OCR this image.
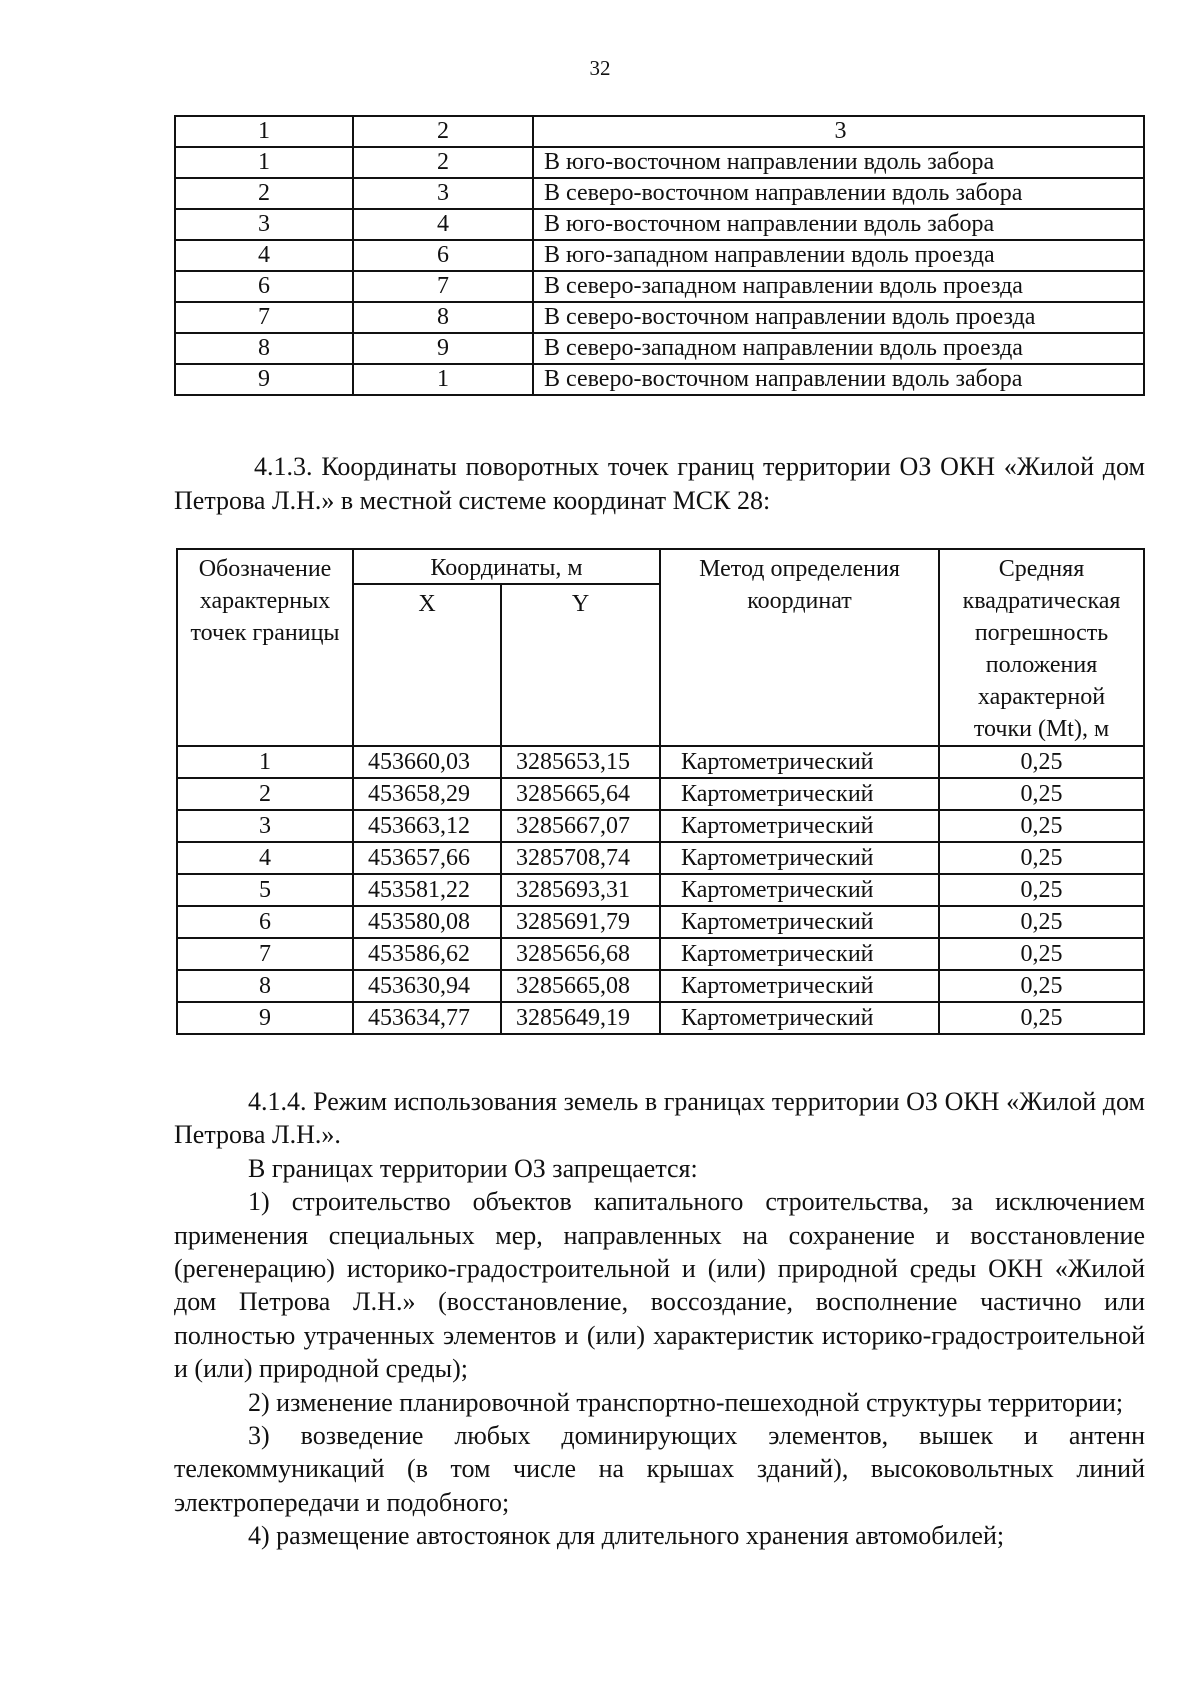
32
1	2	3
1	2	В юго-восточном направлении вдоль забора
2	3	В северо-восточном направлении вдоль забора
3	4	В юго-восточном направлении вдоль забора
4	6	В юго-западном направлении вдоль проезда
6	7	В северо-западном направлении вдоль проезда
7	8	В северо-восточном направлении вдоль проезда
8	9	В северо-западном направлении вдоль проезда
9	1	В северо-восточном направлении вдоль забора

4.1.3. Координаты поворотных точек границ территории ОЗ ОКН «Жилой дом Петрова Л.Н.» в местной системе координат МСК 28:

Обозначение характерных точек границы	Координаты, м		Метод определения координат	Средняя квадратическая погрешность положения характерной точки (Mt), м
	X	Y		
1	453660,03	3285653,15	Картометрический	0,25
2	453658,29	3285665,64	Картометрический	0,25
3	453663,12	3285667,07	Картометрический	0,25
4	453657,66	3285708,74	Картометрический	0,25
5	453581,22	3285693,31	Картометрический	0,25
6	453580,08	3285691,79	Картометрический	0,25
7	453586,62	3285656,68	Картометрический	0,25
8	453630,94	3285665,08	Картометрический	0,25
9	453634,77	3285649,19	Картометрический	0,25

4.1.4. Режим использования земель в границах территории ОЗ ОКН «Жилой дом Петрова Л.Н.».

В границах территории ОЗ запрещается:

1) строительство объектов капитального строительства, за исключением применения специальных мер, направленных на сохранение и восстановление (регенерацию) историко-градостроительной и (или) природной среды ОКН «Жилой дом Петрова Л.Н.» (восстановление, воссоздание, восполнение частично или полностью утраченных элементов и (или) характеристик историко-градостроительной и (или) природной среды);

2) изменение планировочной транспортно-пешеходной структуры территории;

3) возведение любых доминирующих элементов, вышек и антенн телекоммуникаций (в том числе на крышах зданий), высоковольтных линий электропередачи и подобного;

4) размещение автостоянок для длительного хранения автомобилей;
